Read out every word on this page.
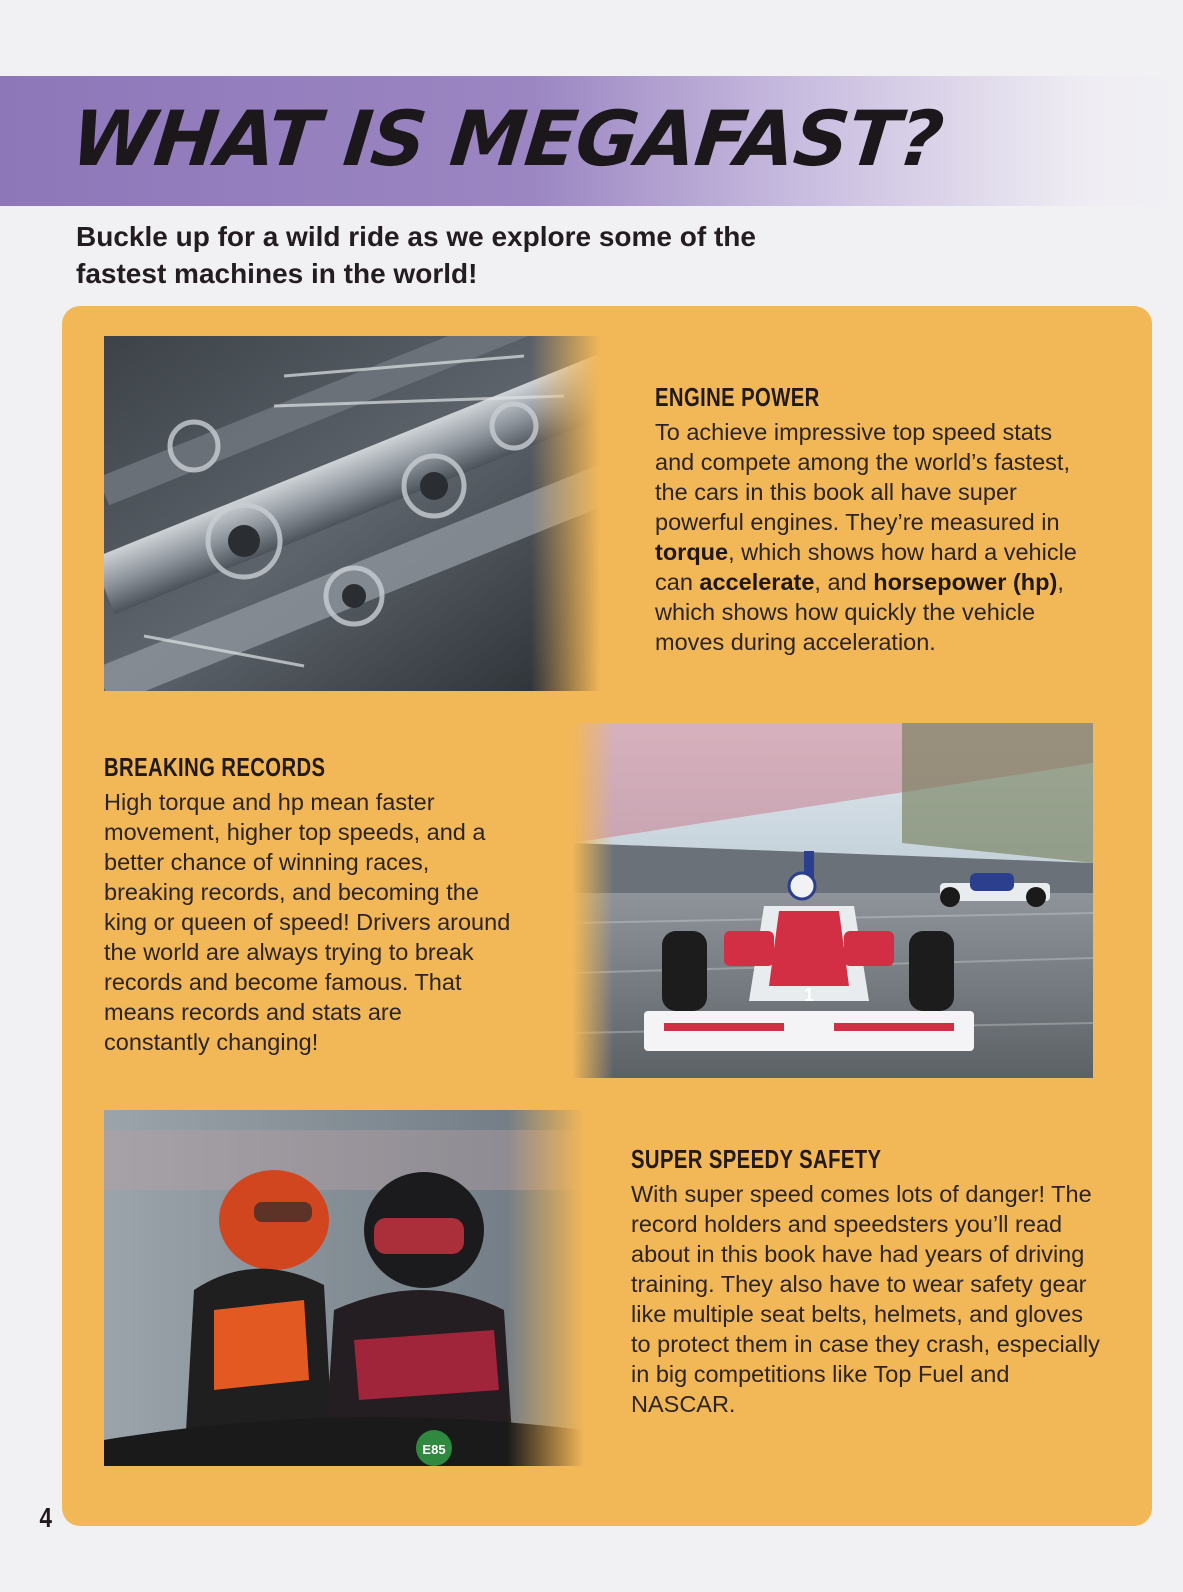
WHAT IS MEGAFAST?

Buckle up for a wild ride as we explore some of the fastest machines in the world!

ENGINE POWER

To achieve impressive top speed stats and compete among the world’s fastest, the cars in this book all have super powerful engines. They’re measured in torque, which shows how hard a vehicle can accelerate, and horsepower (hp), which shows how quickly the vehicle moves during acceleration.

BREAKING RECORDS

High torque and hp mean faster movement, higher top speeds, and a better chance of winning races, breaking records, and becoming the king or queen of speed! Drivers around the world are always trying to break records and become famous. That means records and stats are constantly changing!

SUPER SPEEDY SAFETY

With super speed comes lots of danger! The record holders and speedsters you’ll read about in this book have had years of driving training. They also have to wear safety gear like multiple seat belts, helmets, and gloves to protect them in case they crash, especially in big competitions like Top Fuel and NASCAR.

4
